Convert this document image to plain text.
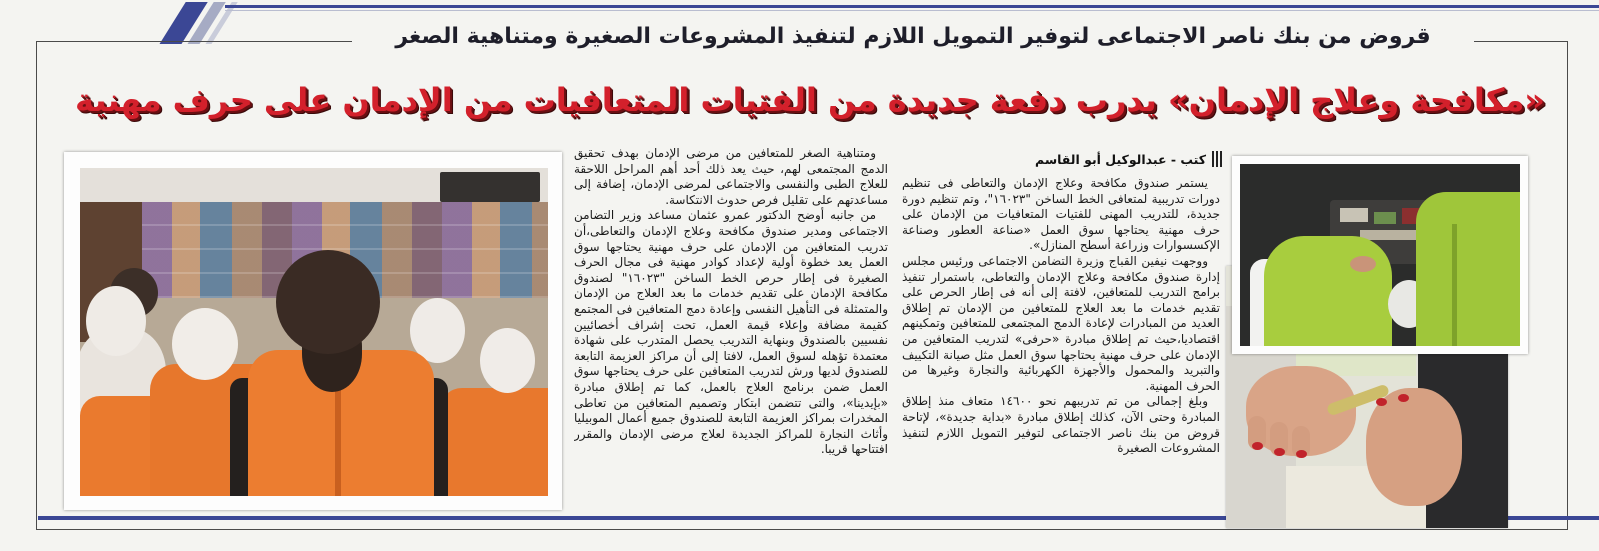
قروض من بنك ناصر الاجتماعى لتوفير التمويل اللازم لتنفيذ المشروعات الصغيرة ومتناهية الصغر
«مكافحة وعلاج الإدمان» يدرب دفعة جديدة من الفتيات المتعافيات من الإدمان على حرف مهنية

ومتناهية الصغر للمتعافين من مرضى الإدمان بهدف تحقيق الدمج المجتمعى لهم، حيث يعد ذلك أحد أهم المراحل اللاحقة للعلاج الطبى والنفسى والاجتماعى لمرضى الإدمان، إضافة إلى مساعدتهم على تقليل فرص حدوث الانتكاسة.

من جانبه أوضح الدكتور عمرو عثمان مساعد وزير التضامن الاجتماعى ومدير صندوق مكافحة وعلاج الإدمان والتعاطى،أن تدريب المتعافين من الإدمان على حرف مهنية يحتاجها سوق العمل يعد خطوة أولية لإعداد كوادر مهنية فى مجال الحرف الصغيرة فى إطار حرص الخط الساخن "١٦٠٢٣" لصندوق مكافحة الإدمان على تقديم خدمات ما بعد العلاج من الإدمان والمتمثلة فى التأهيل النفسى وإعادة دمج المتعافين فى المجتمع كقيمة مضافة وإعلاء قيمة العمل، تحت إشراف أخصائيين نفسيين بالصندوق وبنهاية التدريب يحصل المتدرب على شهادة معتمدة تؤهله لسوق العمل، لافتا إلى أن مراكز العزيمة التابعة للصندوق لديها ورش لتدريب المتعافين على حرف يحتاجها سوق العمل ضمن برنامج العلاج بالعمل، كما تم إطلاق مبادرة «بإيدينا»، والتى تتضمن ابتكار وتصميم المتعافين من تعاطى المخدرات بمراكز العزيمة التابعة للصندوق جميع أعمال الموبيليا وأثاث النجارة للمراكز الجديدة لعلاج مرضى الإدمان والمقرر افتتاحها قريبا.

كتب - عبدالوكيل أبو القاسم

يستمر صندوق مكافحة وعلاج الإدمان والتعاطى فى تنظيم دورات تدريبية لمتعافى الخط الساخن "١٦٠٢٣"، وتم تنظيم دورة جديدة، للتدريب المهنى للفتيات المتعافيات من الإدمان على حرف مهنية يحتاجها سوق العمل «صناعة العطور وصناعة الإكسسوارات وزراعة أسطح المنازل».

ووجهت نيفين القباج وزيرة التضامن الاجتماعى ورئيس مجلس إدارة صندوق مكافحة وعلاج الإدمان والتعاطى، باستمرار تنفيذ برامج التدريب للمتعافين، لافتة إلى أنه فى إطار الحرص على تقديم خدمات ما بعد العلاج للمتعافين من الإدمان تم إطلاق العديد من المبادرات لإعادة الدمج المجتمعى للمتعافين وتمكينهم اقتصاديا،حيث تم إطلاق مبادرة «حرفى» لتدريب المتعافين من الإدمان على حرف مهنية يحتاجها سوق العمل مثل صيانة التكييف والتبريد والمحمول والأجهزة الكهربائية والنجارة وغيرها من الحرف المهنية.

وبلغ إجمالى من تم تدريبهم نحو ١٤٦٠٠ متعاف منذ إطلاق المبادرة وحتى الآن، كذلك إطلاق مبادرة «بداية جديدة»، لإتاحة قروض من بنك ناصر الاجتماعى لتوفير التمويل اللازم لتنفيذ المشروعات الصغيرة
